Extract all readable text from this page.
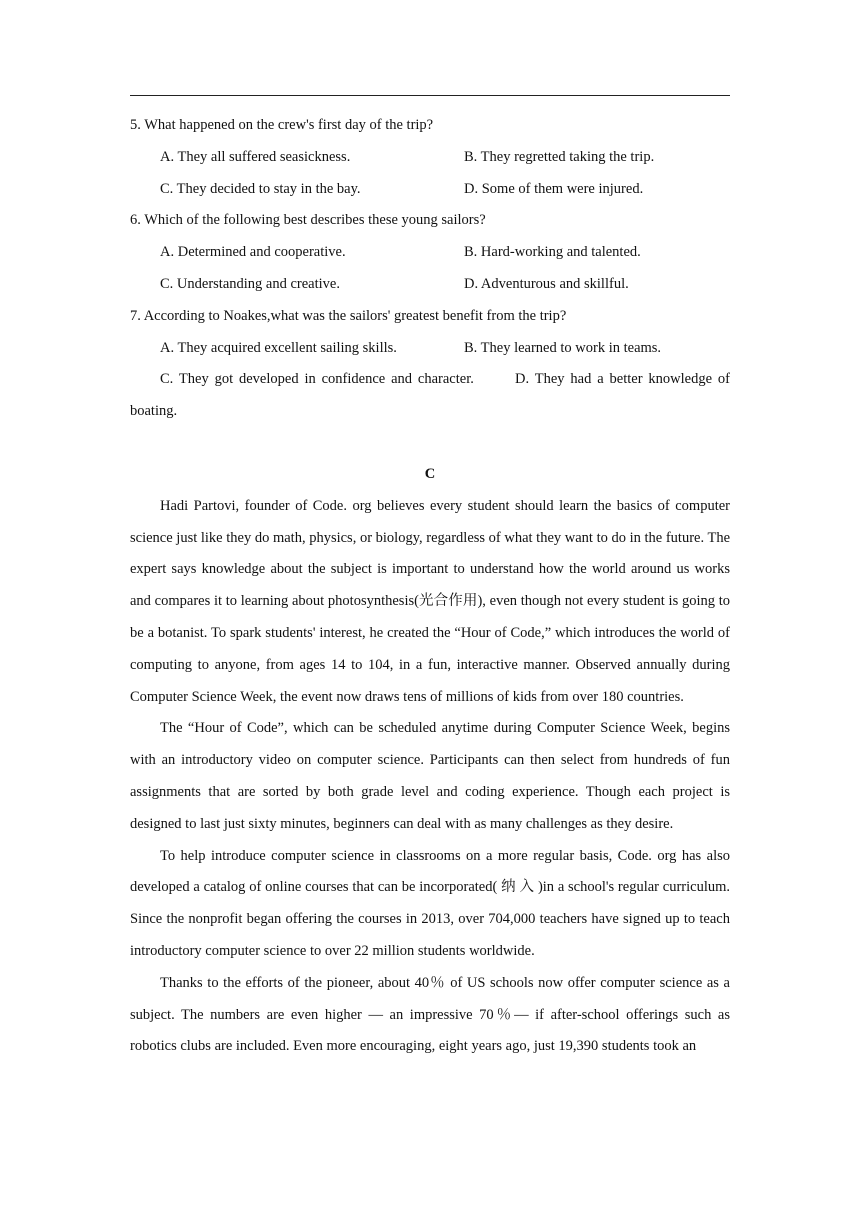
5. What happened on the crew's first day of the trip?

A. They all suffered seasickness.	B. They regretted taking the trip.
C. They decided to stay in the bay.	D. Some of them were injured.

6. Which of the following best describes these young sailors?

A. Determined and cooperative.	B. Hard-working and talented.
C. Understanding and creative.	D. Adventurous and skillful.

7. According to Noakes,what was the sailors' greatest benefit from the trip?

A. They acquired excellent sailing skills.	B. They learned to work in teams.

C. They got developed in confidence and character.	D. They had a better knowledge of boating.

C

Hadi Partovi, founder of Code. org believes every student should learn the basics of computer science just like they do math, physics, or biology, regardless of what they want to do in the future. The expert says knowledge about the subject is important to understand how the world around us works and compares it to learning about photosynthesis(光合作用), even though not every student is going to be a botanist. To spark students' interest, he created the “Hour of Code,” which introduces the world of computing to anyone, from ages 14 to 104, in a fun, interactive manner. Observed annually during Computer Science Week, the event now draws tens of millions of kids from over 180 countries.

The “Hour of Code”, which can be scheduled anytime during Computer Science Week, begins with an introductory video on computer science. Participants can then select from hundreds of fun assignments that are sorted by both grade level and coding experience. Though each project is designed to last just sixty minutes, beginners can deal with as many challenges as they desire.

To help introduce computer science in classrooms on a more regular basis, Code. org has also developed a catalog of online courses that can be incorporated( 纳 入 )in a school's regular curriculum. Since the nonprofit began offering the courses in 2013, over 704,000 teachers have signed up to teach introductory computer science to over 22 million students worldwide.

Thanks to the efforts of the pioneer, about 40％ of US schools now offer computer science as a subject. The numbers are even higher — an impressive 70％— if after-school offerings such as robotics clubs are included. Even more encouraging, eight years ago, just 19,390 students took an
